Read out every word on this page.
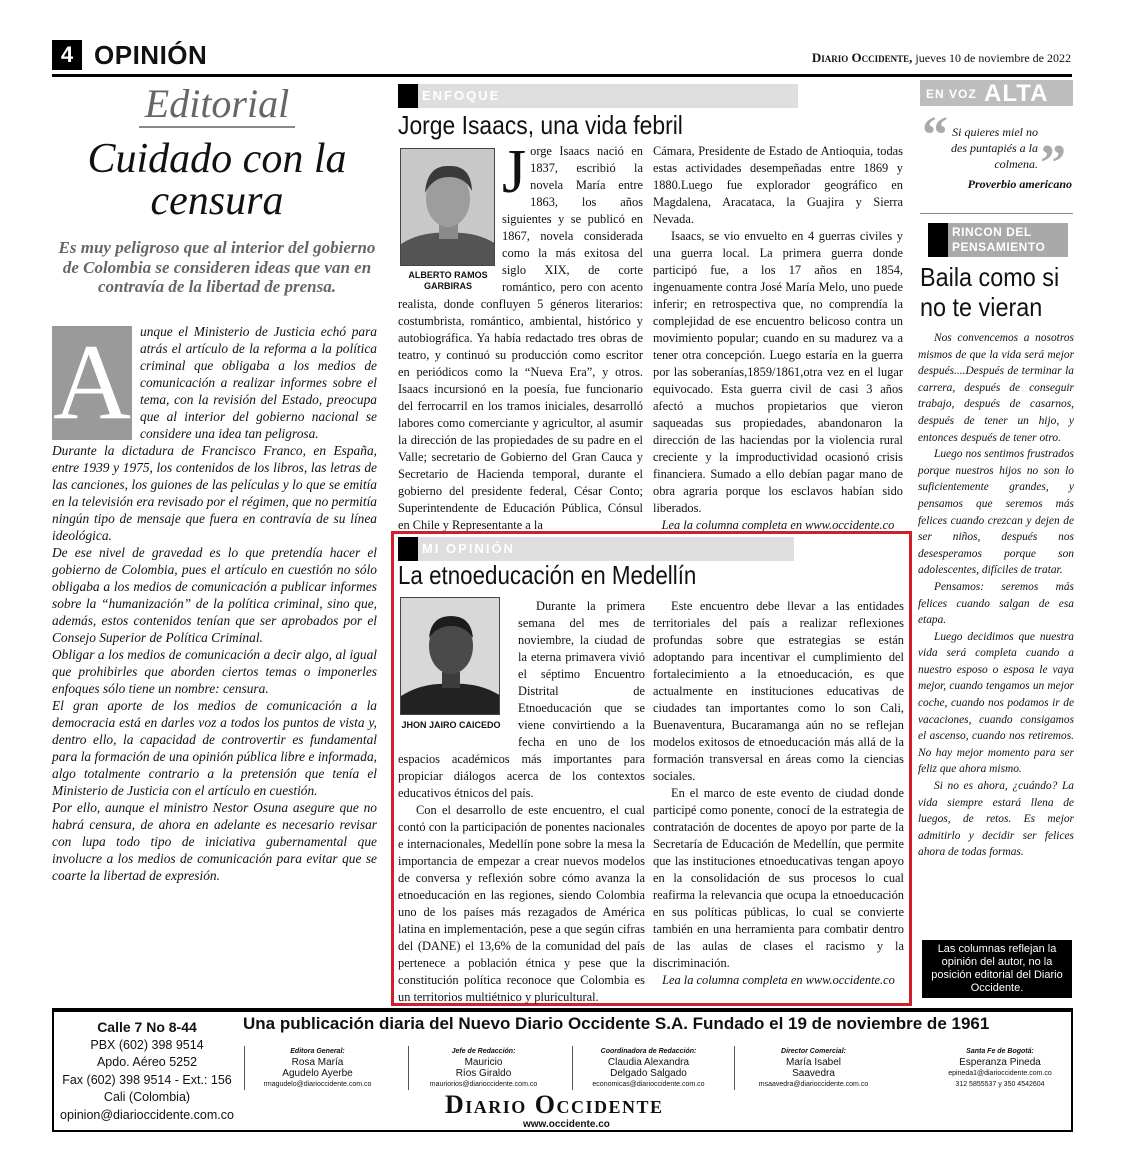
4 OPINIÓN	Diario Occidente, jueves 10 de noviembre de 2022
Editorial
Cuidado con la censura
Es muy peligroso que al interior del gobierno de Colombia se consideren ideas que van en contravía de la libertad de prensa.
A unque el Ministerio de Justicia echó para atrás el artículo de la reforma a la política criminal que obligaba a los medios de comunicación a realizar informes sobre el tema, con la revisión del Estado, preocupa que al interior del gobierno nacional se considere una idea tan peligrosa.

Durante la dictadura de Francisco Franco, en España, entre 1939 y 1975, los contenidos de los libros, las letras de las canciones, los guiones de las películas y lo que se emitía en la televisión era revisado por el régimen, que no permitía ningún tipo de mensaje que fuera en contravía de su línea ideológica.

De ese nivel de gravedad es lo que pretendía hacer el gobierno de Colombia, pues el artículo en cuestión no sólo obligaba a los medios de comunicación a publicar informes sobre la “humanización” de la política criminal, sino que, además, estos contenidos tenían que ser aprobados por el Consejo Superior de Política Criminal.

Obligar a los medios de comunicación a decir algo, al igual que prohibirles que aborden ciertos temas o imponerles enfoques sólo tiene un nombre: censura.

El gran aporte de los medios de comunicación a la democracia está en darles voz a todos los puntos de vista y, dentro ello, la capacidad de controvertir es fundamental para la formación de una opinión pública libre e informada, algo totalmente contrario a la pretensión que tenía el Ministerio de Justicia con el artículo en cuestión.

Por ello, aunque el ministro Nestor Osuna asegure que no habrá censura, de ahora en adelante es necesario revisar con lupa todo tipo de iniciativa gubernamental que involucre a los medios de comunicación para evitar que se coarte la libertad de expresión.

ENFOQUE
Jorge Isaacs, una vida febril
J orge Isaacs nació en 1837, escribió la novela María entre 1863, los años siguientes y se publicó en 1867, novela considerada como la más exitosa del siglo XIX, de corte romántico, pero con acento realista, donde confluyen 5 géneros literarios: costumbrista, romántico, ambiental, histórico y autobiográfica. Ya había redactado tres obras de teatro, y continuó su producción como escritor en periódicos como la “Nueva Era”, y otros. Isaacs incursionó en la poesía, fue funcionario del ferrocarril en los tramos iniciales, desarrolló labores como comerciante y agricultor, al asumir la dirección de las propiedades de su padre en el Valle; secretario de Gobierno del Gran Cauca y Secretario de Hacienda temporal, durante el gobierno del presidente federal, César Conto; Superintendente de Educación Pública, Cónsul en Chile y Representante a la
ALBERTO RAMOS GARBIRAS

Cámara, Presidente de Estado de Antioquia, todas estas actividades desempeñadas entre 1869 y 1880.Luego fue explorador geográfico en Magdalena, Aracataca, la Guajira y Sierra Nevada.

Isaacs, se vio envuelto en 4 guerras civiles y una guerra local. La primera guerra donde participó fue, a los 17 años en 1854, ingenuamente contra José María Melo, uno puede inferir; en retrospectiva que, no comprendía la complejidad de ese encuentro belicoso contra un movimiento popular; cuando en su madurez va a tener otra concepción. Luego estaría en la guerra por las soberanías,1859/1861,otra vez en el lugar equivocado. Esta guerra civil de casi 3 años afectó a muchos propietarios que vieron saqueadas sus propiedades, abandonaron la dirección de las haciendas por la violencia rural creciente y la improductividad ocasionó crisis financiera. Sumado a ello debían pagar mano de obra agraria porque los esclavos habían sido liberados.

Lea la columna completa en www.occidente.co

MI OPINIÓN
La etnoeducación en Medellín

Durante la primera semana del mes de noviembre, la ciudad de la eterna primavera vivió el séptimo Encuentro Distrital de Etnoeducación que se viene convirtiendo a la fecha en uno de los espacios académicos más importantes para propiciar diálogos acerca de los contextos educativos étnicos del país.

Con el desarrollo de este encuentro, el cual contó con la participación de ponentes nacionales e internacionales, Medellín pone sobre la mesa la importancia de empezar a crear nuevos modelos de conversa y reflexión sobre cómo avanza la etnoeducación en las regiones, siendo Colombia uno de los países más rezagados de América latina en implementación, pese a que según cifras del (DANE) el 13,6% de la comunidad del país pertenece a población étnica y pese que la constitución política reconoce que Colombia es un territorios multiétnico y pluricultural.

JHON JAIRO CAICEDO

Este encuentro debe llevar a las entidades territoriales del país a realizar reflexiones profundas sobre que estrategias se están adoptando para incentivar el cumplimiento del fortalecimiento a la etnoeducación, es que actualmente en instituciones educativas de ciudades tan importantes como lo son Cali, Buenaventura, Bucaramanga aún no se reflejan modelos exitosos de etnoeducación más allá de la formación transversal en áreas como la ciencias sociales.

En el marco de este evento de ciudad donde participé como ponente, conocí de la estrategia de contratación de docentes de apoyo por parte de la Secretaría de Educación de Medellín, que permite que las instituciones etnoeducativas tengan apoyo en la consolidación de sus procesos lo cual reafirma la relevancia que ocupa la etnoeducación en sus políticas públicas, lo cual se convierte también en una herramienta para combatir dentro de las aulas de clases el racismo y la discriminación.

Lea la columna completa en www.occidente.co

EN VOZ ALTA
“ ”
Si quieres miel no des puntapiés a la colmena.
Proverbio americano
RINCON DEL PENSAMIENTO
Baila como si no te vieran

Nos convencemos a nosotros mismos de que la vida será mejor después....Después de terminar la carrera, después de conseguir trabajo, después de casarnos, después de tener un hijo, y entonces después de tener otro.

Luego nos sentimos frustrados porque nuestros hijos no son lo suficientemente grandes, y pensamos que seremos más felices cuando crezcan y dejen de ser niños, después nos desesperamos porque son adolescentes, difíciles de tratar.

Pensamos: seremos más felices cuando salgan de esa etapa.

Luego decidimos que nuestra vida será completa cuando a nuestro esposo o esposa le vaya mejor, cuando tengamos un mejor coche, cuando nos podamos ir de vacaciones, cuando consigamos el ascenso, cuando nos retiremos. No hay mejor momento para ser feliz que ahora mismo.

Si no es ahora, ¿cuándo? La vida siempre estará llena de luegos, de retos. Es mejor admitirlo y decidir ser felices ahora de todas formas.

Las columnas reflejan la opinión del autor, no la posición editorial del Diario Occidente.
Calle 7 No 8-44
PBX (602) 398 9514
Apdo. Aéreo 5252
Fax (602) 398 9514 - Ext.: 156
Cali (Colombia)
opinion@diarioccidente.com.co
Una publicación diaria del Nuevo Diario Occidente S.A. Fundado el 19 de noviembre de 1961
Editora General:
Rosa María
Agudelo Ayerbe
rmagudelo@diarioccidente.com.co
Jefe de Redacción:
Mauricio
Ríos Giraldo
mauriorios@diarioccidente.com.co
Coordinadora de Redacción:
Claudia Alexandra
Delgado Salgado
economicas@diarioccidente.com.co
Director Comercial:
María Isabel
Saavedra
msaavedra@diarioccidente.com.co
Santa Fe de Bogotá:
Esperanza Pineda
epineda1@diarioccidente.com.co
312 5855537 y 350 4542604
Diario Occidente
www.occidente.co
